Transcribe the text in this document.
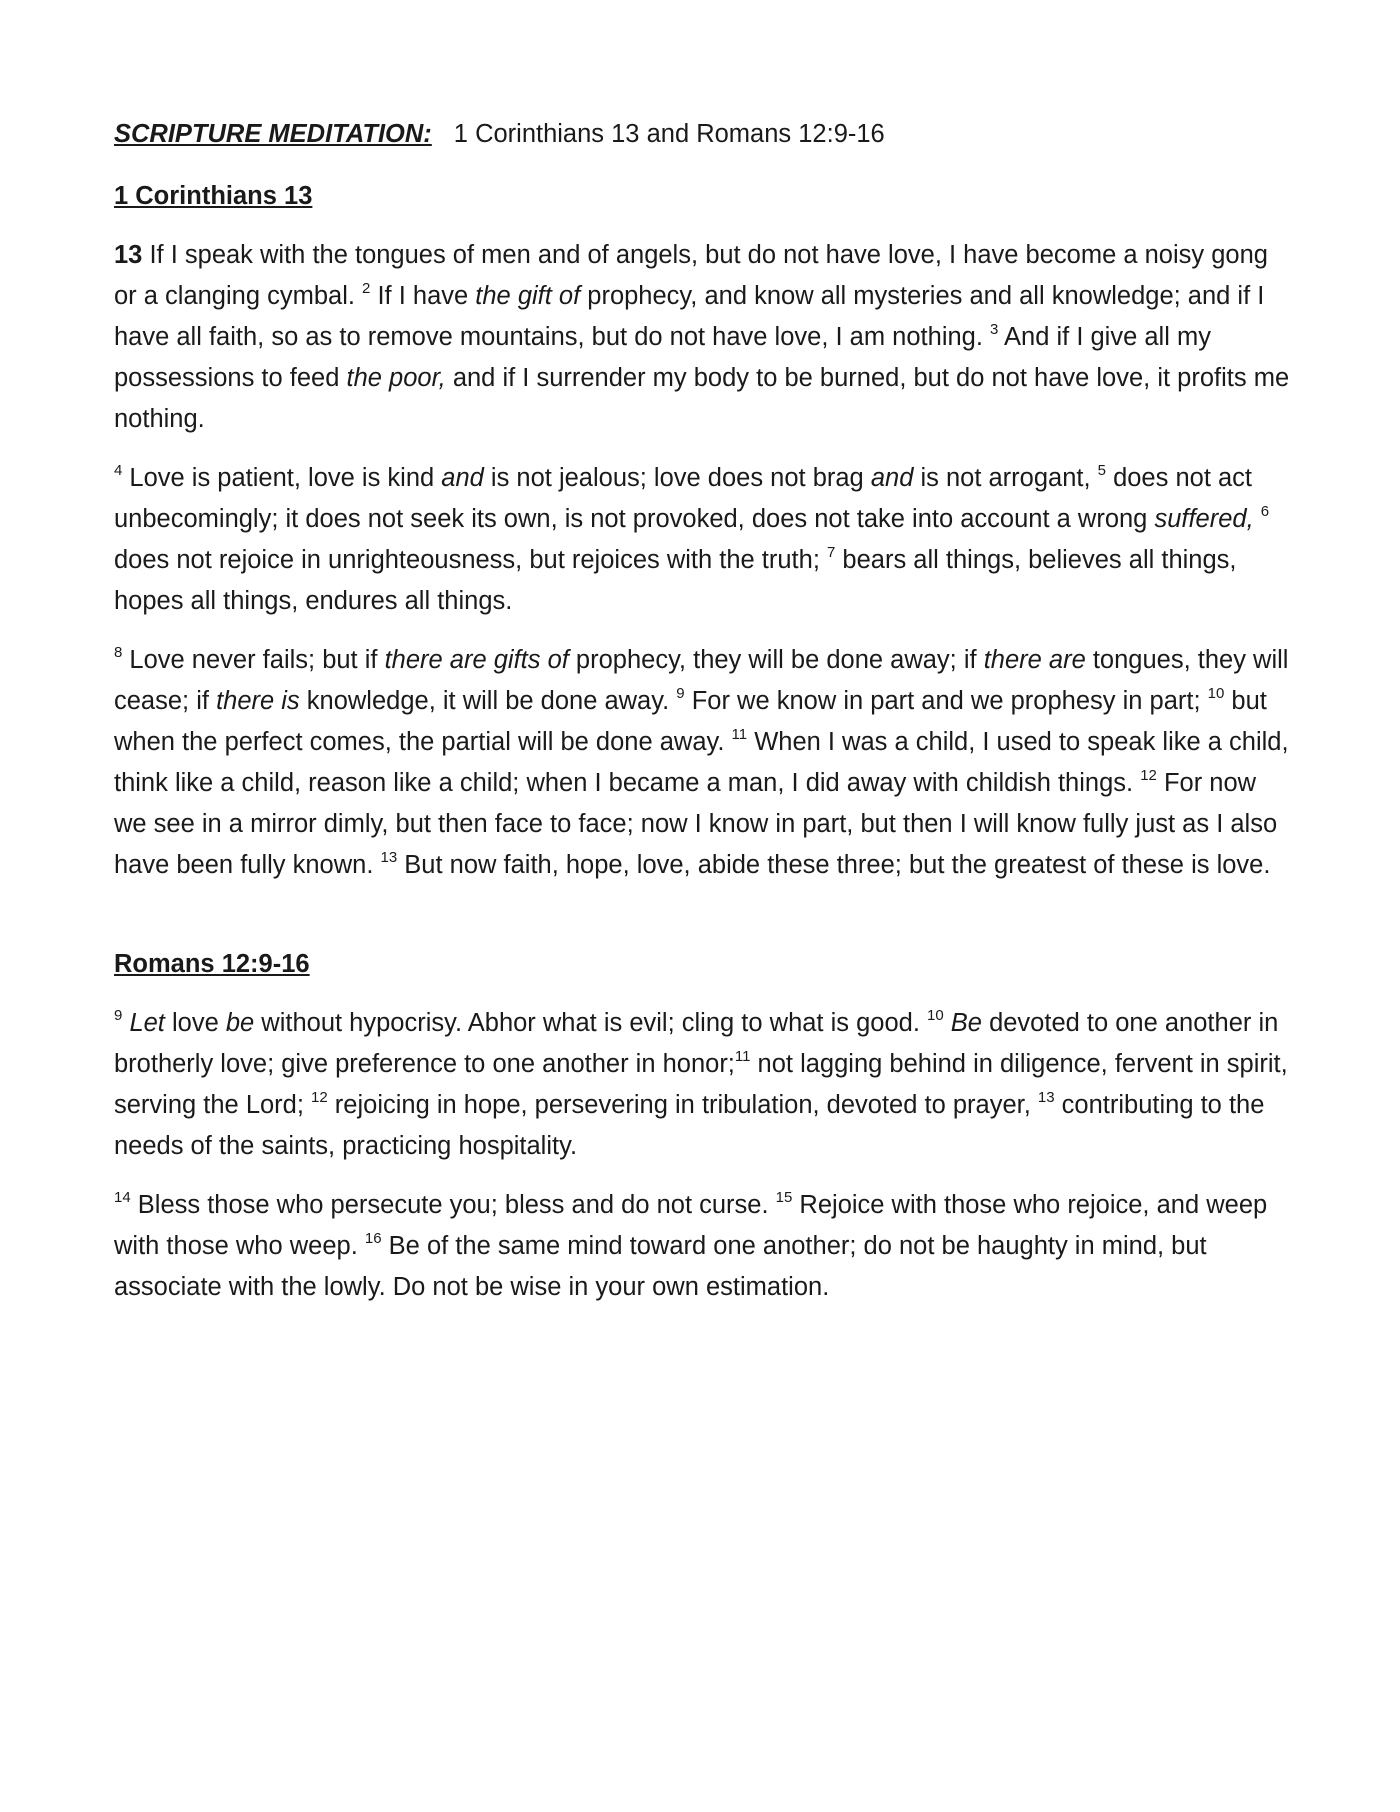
SCRIPTURE MEDITATION: 1 Corinthians 13 and Romans 12:9-16

1 Corinthians 13

13 If I speak with the tongues of men and of angels, but do not have love, I have become a noisy gong or a clanging cymbal. $^2$ If I have the gift of prophecy, and know all mysteries and all knowledge; and if I have all faith, so as to remove mountains, but do not have love, I am nothing. $^3$ And if I give all my possessions to feed the poor, and if I surrender my body to be burned, but do not have love, it profits me nothing.

$^4$ Love is patient, love is kind and is not jealous; love does not brag and is not arrogant, $^5$ does not act unbecomingly; it does not seek its own, is not provoked, does not take into account a wrong suffered, $^6$ does not rejoice in unrighteousness, but rejoices with the truth; $^7$ bears all things, believes all things, hopes all things, endures all things.

$^8$ Love never fails; but if there are gifts of prophecy, they will be done away; if there are tongues, they will cease; if there is knowledge, it will be done away. $^9$ For we know in part and we prophesy in part; $^{10}$ but when the perfect comes, the partial will be done away. $^{11}$ When I was a child, I used to speak like a child, think like a child, reason like a child; when I became a man, I did away with childish things. $^{12}$ For now we see in a mirror dimly, but then face to face; now I know in part, but then I will know fully just as I also have been fully known. $^{13}$ But now faith, hope, love, abide these three; but the greatest of these is love.

Romans 12:9-16

$^9$ Let love be without hypocrisy. Abhor what is evil; cling to what is good. $^{10}$ Be devoted to one another in brotherly love; give preference to one another in honor;$^{11}$ not lagging behind in diligence, fervent in spirit, serving the Lord; $^{12}$ rejoicing in hope, persevering in tribulation, devoted to prayer, $^{13}$ contributing to the needs of the saints, practicing hospitality.

$^{14}$ Bless those who persecute you; bless and do not curse. $^{15}$ Rejoice with those who rejoice, and weep with those who weep. $^{16}$ Be of the same mind toward one another; do not be haughty in mind, but associate with the lowly. Do not be wise in your own estimation.
